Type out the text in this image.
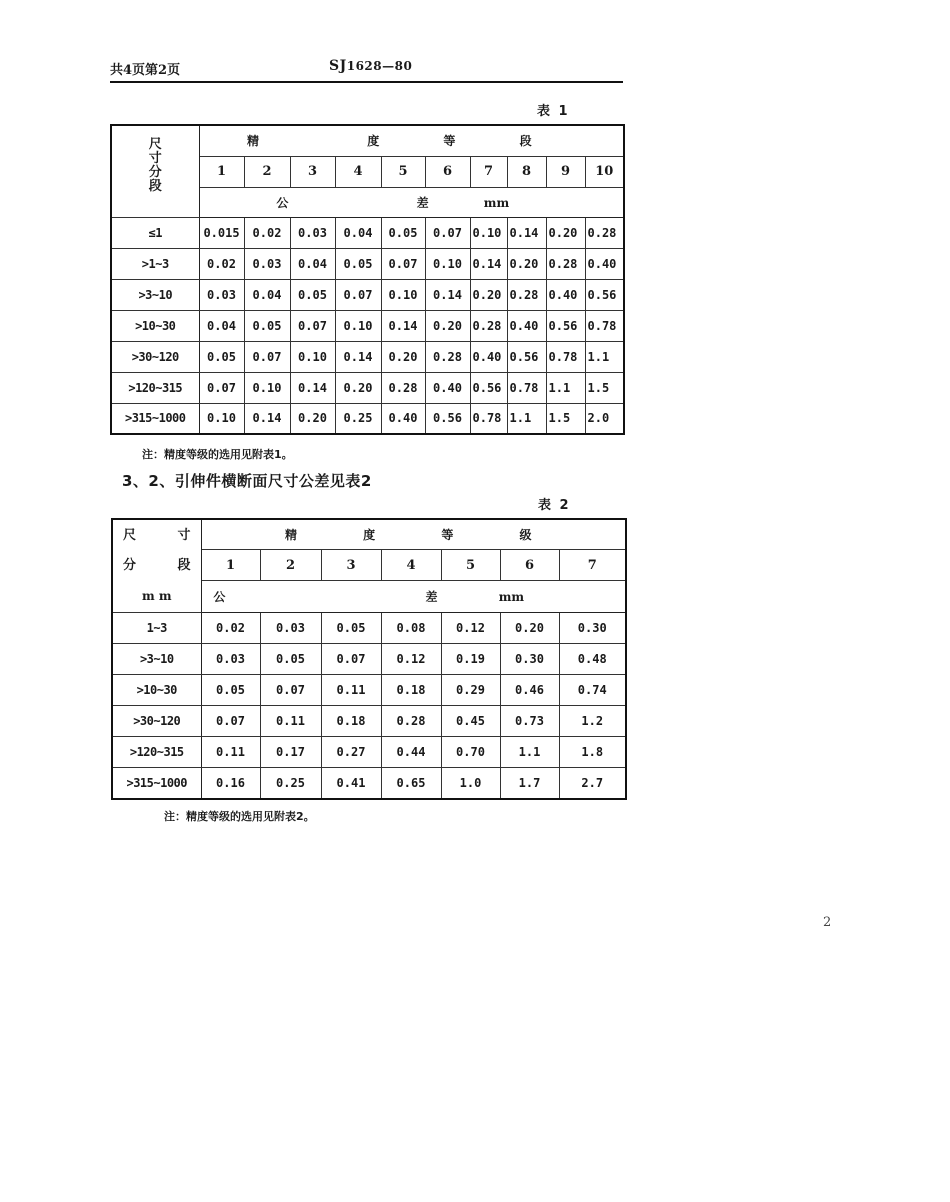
共4页第2页	SJ1628—80
表 1
尺
寸
分
段	精 度 等 段									
	1	2	3	4	5	6	7	8	9	10
	公 差 mm									
≤1	0.015	0.02	0.03	0.04	0.05	0.07	0.10	0.14	0.20	0.28
>1~3	0.02	0.03	0.04	0.05	0.07	0.10	0.14	0.20	0.28	0.40
>3~10	0.03	0.04	0.05	0.07	0.10	0.14	0.20	0.28	0.40	0.56
>10~30	0.04	0.05	0.07	0.10	0.14	0.20	0.28	0.40	0.56	0.78
>30~120	0.05	0.07	0.10	0.14	0.20	0.28	0.40	0.56	0.78	1.1
>120~315	0.07	0.10	0.14	0.20	0.28	0.40	0.56	0.78	1.1	1.5
>315~1000	0.10	0.14	0.20	0.25	0.40	0.56	0.78	1.1	1.5	2.0
注：精度等级的选用见附表1。
3、2、引伸件横断面尺寸公差见表2
表 2
尺 寸
分 段
m m	精 度 等 级						
	1	2	3	4	5	6	7
	公 差 mm						
1~3	0.02	0.03	0.05	0.08	0.12	0.20	0.30
>3~10	0.03	0.05	0.07	0.12	0.19	0.30	0.48
>10~30	0.05	0.07	0.11	0.18	0.29	0.46	0.74
>30~120	0.07	0.11	0.18	0.28	0.45	0.73	1.2
>120~315	0.11	0.17	0.27	0.44	0.70	1.1	1.8
>315~1000	0.16	0.25	0.41	0.65	1.0	1.7	2.7
注：精度等级的选用见附表2。
2
